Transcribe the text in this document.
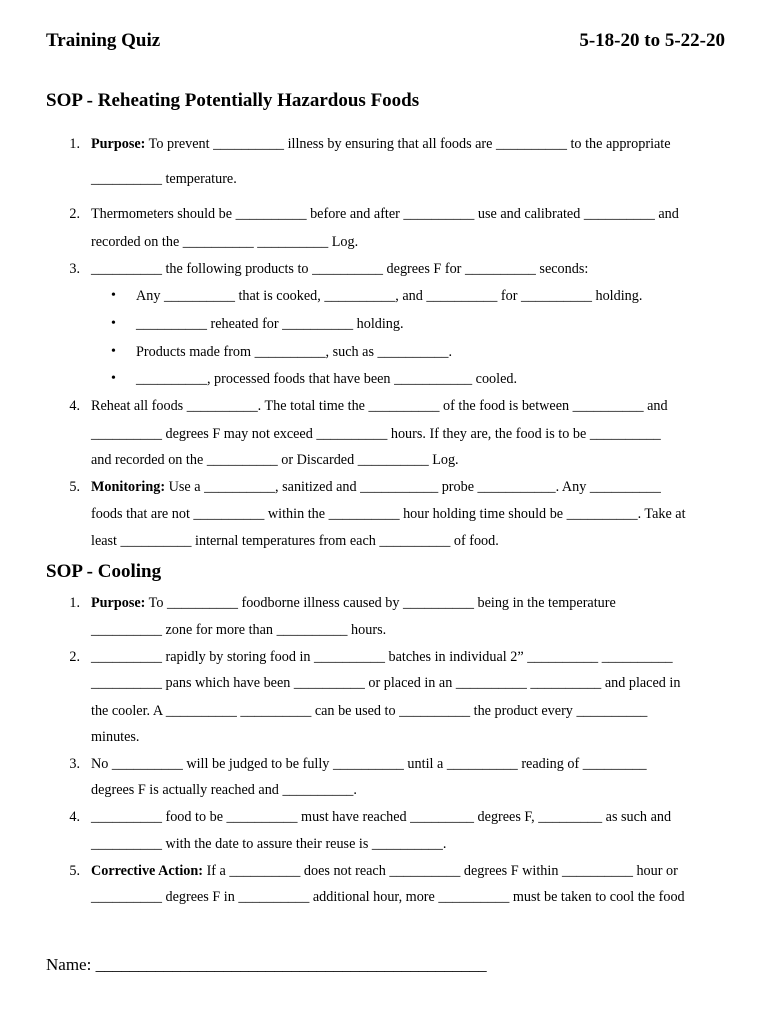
Training Quiz	5-18-20 to 5-22-20
SOP - Reheating Potentially Hazardous Foods
1. Purpose: To prevent __________ illness by ensuring that all foods are __________ to the appropriate
__________ temperature.
2. Thermometers should be __________ before and after __________ use and calibrated __________ and
recorded on the __________ __________ Log.
3. __________ the following products to __________ degrees F for __________ seconds:
• Any __________ that is cooked, __________, and __________ for __________ holding.
• __________ reheated for __________ holding.
• Products made from __________, such as __________.
• __________, processed foods that have been ___________ cooled.
4. Reheat all foods __________. The total time the __________ of the food is between __________ and
__________ degrees F may not exceed __________ hours. If they are, the food is to be __________
and recorded on the __________ or Discarded __________ Log.
5. Monitoring: Use a __________, sanitized and ___________ probe ___________. Any __________
foods that are not __________ within the __________ hour holding time should be __________. Take at
least __________ internal temperatures from each __________ of food.
SOP - Cooling
1. Purpose: To __________ foodborne illness caused by __________ being in the temperature
__________ zone for more than __________ hours.
2. __________ rapidly by storing food in __________ batches in individual 2” __________ __________
__________ pans which have been __________ or placed in an __________ __________ and placed in
the cooler. A __________ __________ can be used to __________ the product every __________
minutes.
3. No __________ will be judged to be fully __________ until a __________ reading of _________
degrees F is actually reached and __________.
4. __________ food to be __________ must have reached _________ degrees F, _________ as such and
__________ with the date to assure their reuse is __________.
5. Corrective Action: If a __________ does not reach __________ degrees F within __________ hour or
__________ degrees F in __________ additional hour, more __________ must be taken to cool the food
Name: ______________________________________________
